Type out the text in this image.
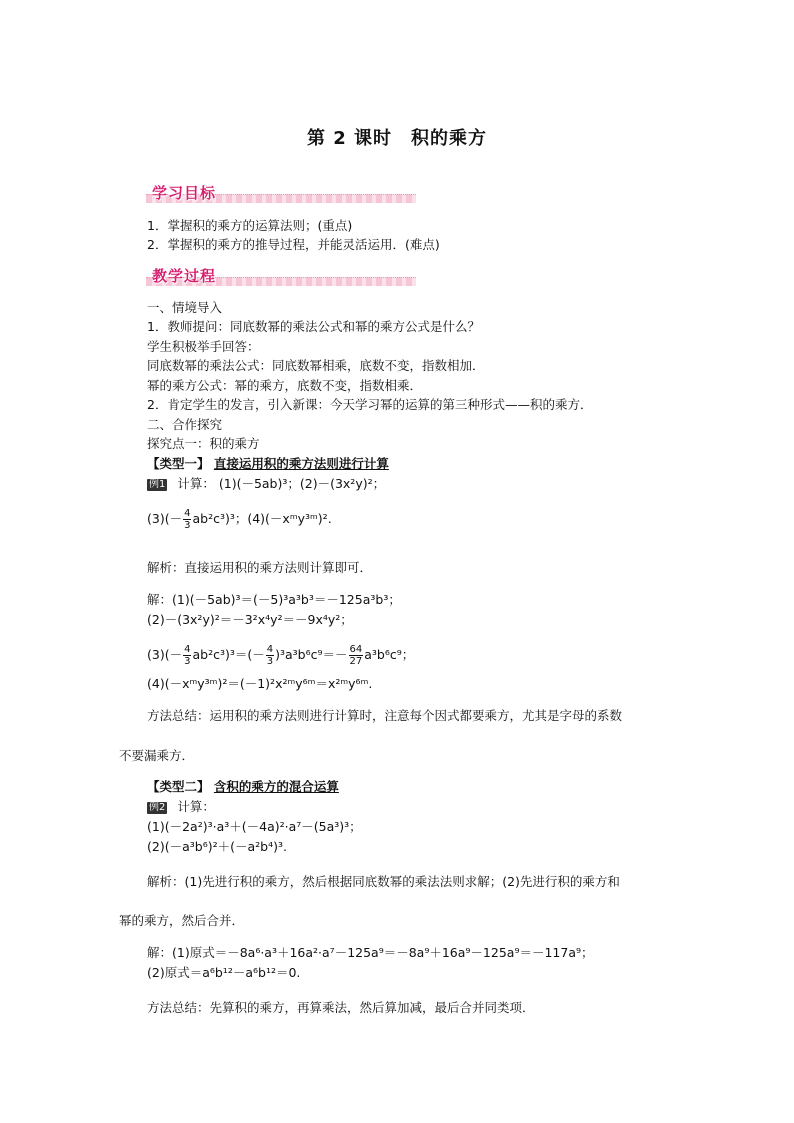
第 2 课时　积的乘方
学习目标
1．掌握积的乘方的运算法则；(重点)
2．掌握积的乘方的推导过程，并能灵活运用．(难点)
教学过程
一、情境导入
1．教师提问：同底数幂的乘法公式和幂的乘方公式是什么？
学生积极举手回答：
同底数幂的乘法公式：同底数幂相乘，底数不变，指数相加．
幂的乘方公式：幂的乘方，底数不变，指数相乘．
2．肯定学生的发言，引入新课：今天学习幂的运算的第三种形式——积的乘方．
二、合作探究
探究点一：积的乘方
【类型一】 直接运用积的乘方法则进行计算
例1 计算： (1)(－5ab)³；(2)－(3x²y)²；
$(3)(- \frac{4}{3} ab^2c^3)^3$；(4)(－xᵐy³ᵐ)².
解析：直接运用积的乘方法则计算即可．
解：(1)(－5ab)³＝(－5)³a³b³＝－125a³b³；
(2)－(3x²y)²＝－3²x⁴y²＝－9x⁴y²；
$(3)(- \frac{4}{3} ab^2c^3)^3=(- \frac{4}{3} )^3a^3b^6c^9=- \frac{64}{27} a^3b^6c^9$；
(4)(－xᵐy³ᵐ)²＝(－1)²x²ᵐy⁶ᵐ＝x²ᵐy⁶ᵐ.
方法总结：运用积的乘方法则进行计算时，注意每个因式都要乘方，尤其是字母的系数
不要漏乘方．
【类型二】 含积的乘方的混合运算
例2 计算：
(1)(－2a²)³·a³＋(－4a)²·a⁷－(5a³)³；
(2)(－a³b⁶)²＋(－a²b⁴)³.
解析：(1)先进行积的乘方，然后根据同底数幂的乘法法则求解；(2)先进行积的乘方和
幂的乘方，然后合并．
解：(1)原式＝－8a⁶·a³＋16a²·a⁷－125a⁹＝－8a⁹＋16a⁹－125a⁹＝－117a⁹；
(2)原式＝a⁶b¹²－a⁶b¹²＝0.
方法总结：先算积的乘方，再算乘法，然后算加减，最后合并同类项．
